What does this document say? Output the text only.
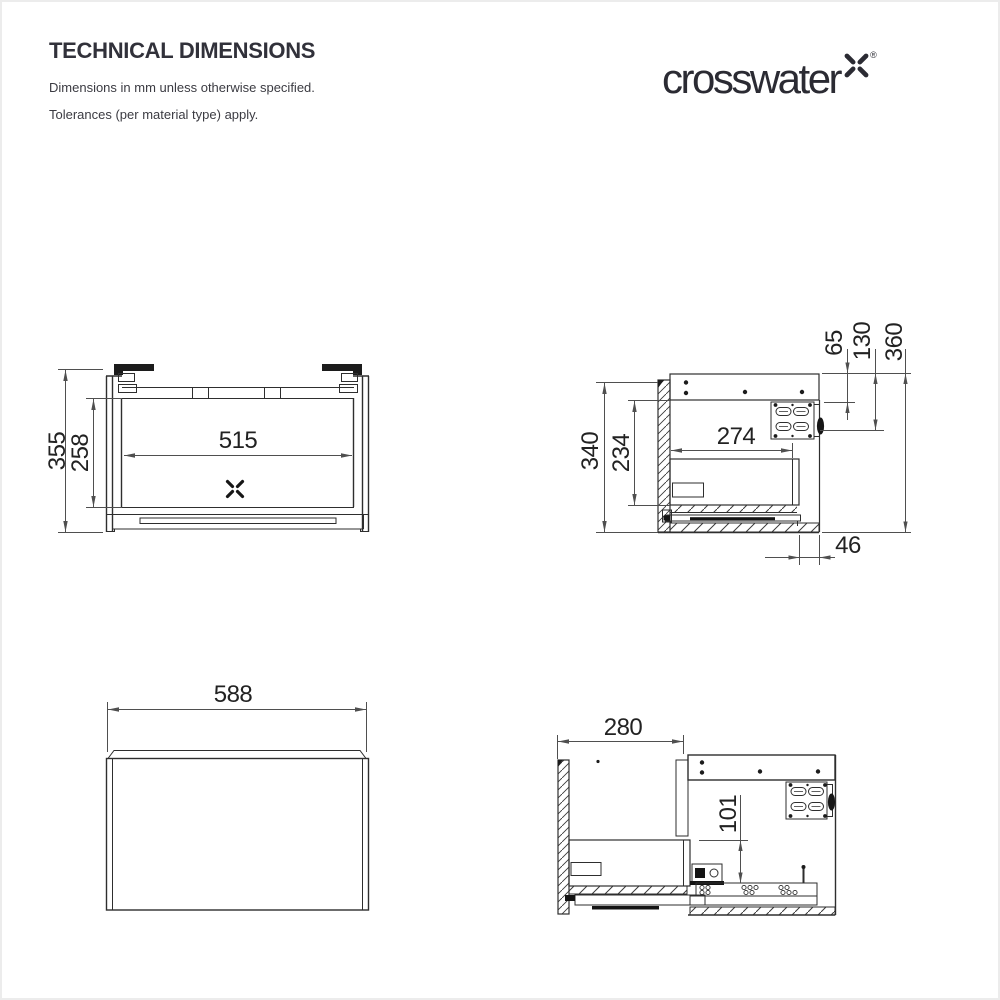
TECHNICAL DIMENSIONS

Dimensions in mm unless otherwise specified.

Tolerances (per material type) apply.

crosswater	®
355
258	515	340 234	274
65 130 360
46
588
280
101
